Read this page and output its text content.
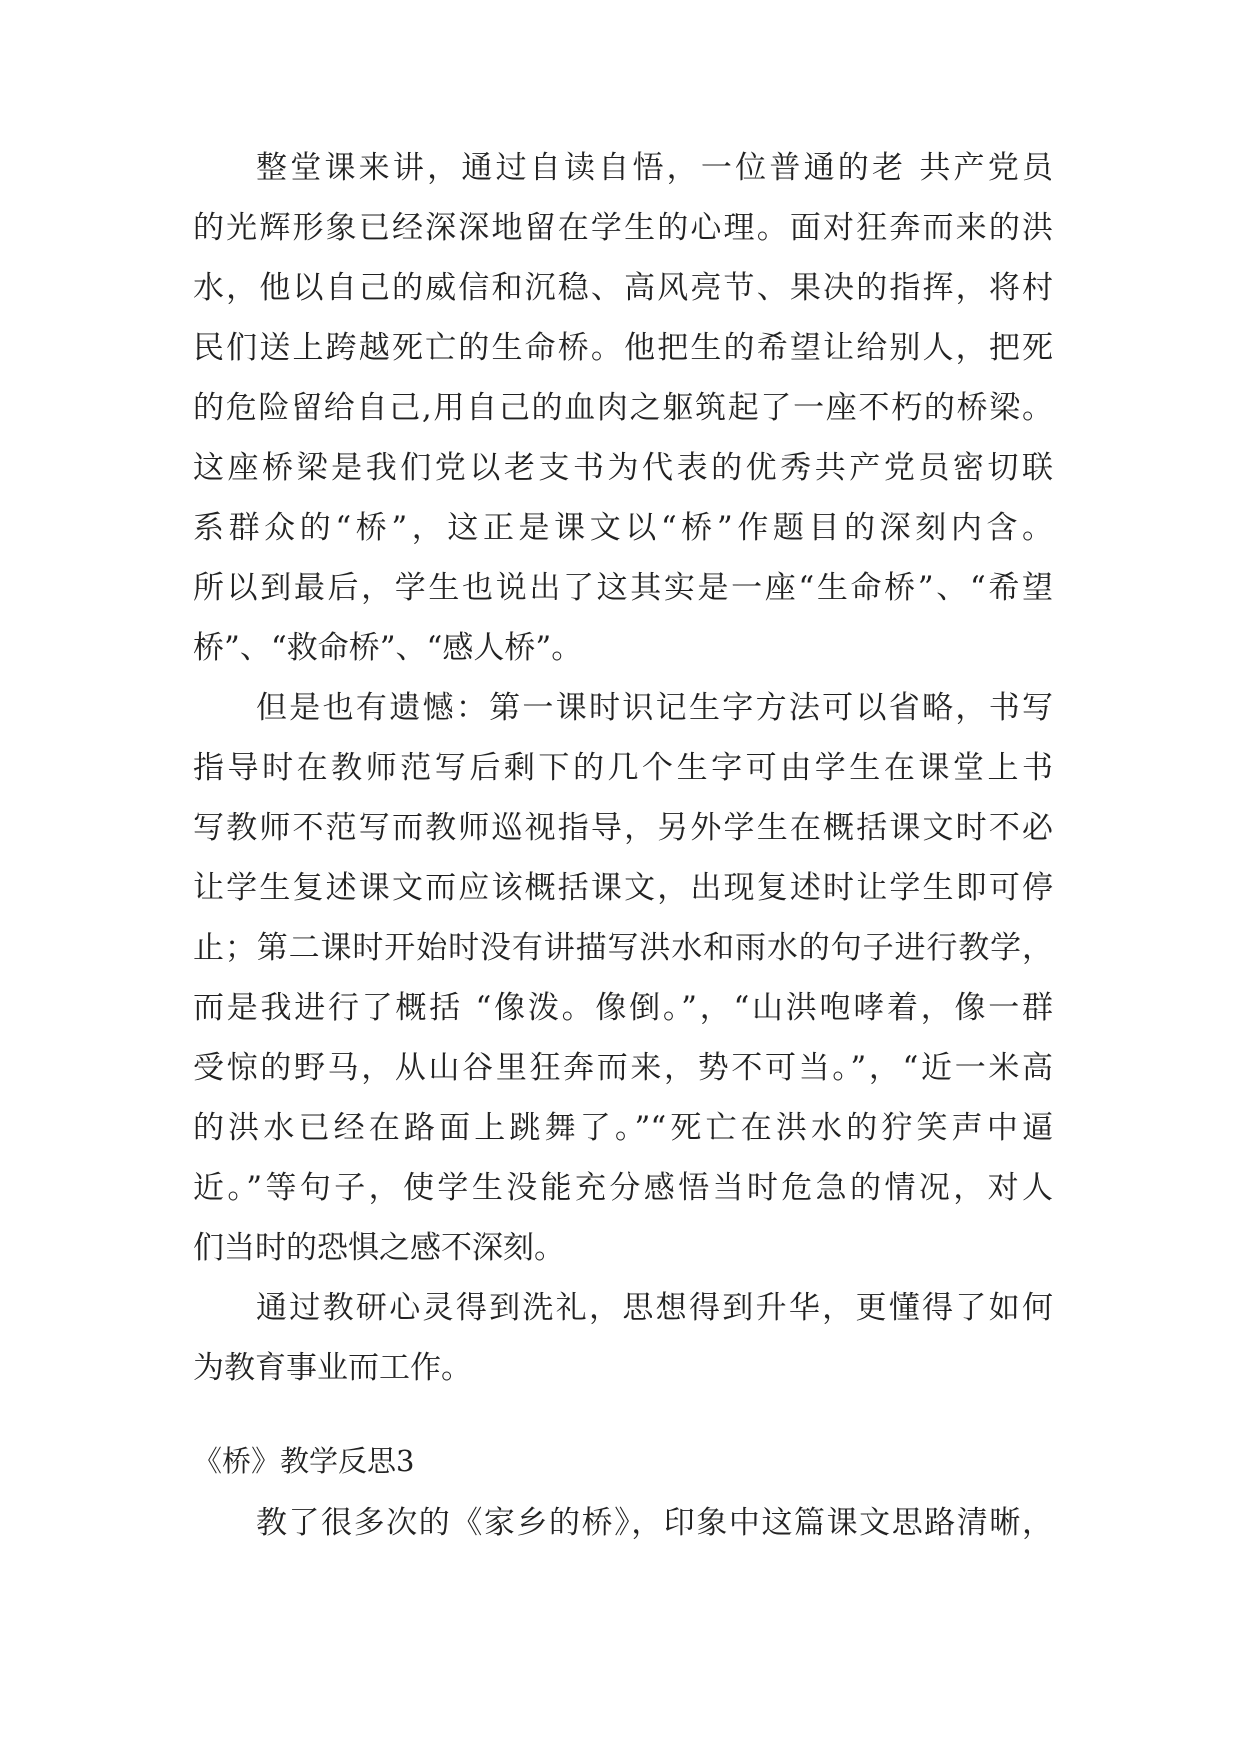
整堂课来讲，通过自读自悟，一位普通的老 共产党员
的光辉形象已经深深地留在学生的心理。面对狂奔而来的洪
水，他以自己的威信和沉稳、高风亮节、果决的指挥，将村
民们送上跨越死亡的生命桥。他把生的希望让给别人，把死
的危险留给自己,用自己的血肉之躯筑起了一座不朽的桥梁。
这座桥梁是我们党以老支书为代表的优秀共产党员密切联
系群众的“桥”，这正是课文以“桥”作题目的深刻内含。
所以到最后，学生也说出了这其实是一座“生命桥”、“希望
桥”、“救命桥”、“感人桥”。
但是也有遗憾：第一课时识记生字方法可以省略，书写
指导时在教师范写后剩下的几个生字可由学生在课堂上书
写教师不范写而教师巡视指导，另外学生在概括课文时不必
让学生复述课文而应该概括课文，出现复述时让学生即可停
止；第二课时开始时没有讲描写洪水和雨水的句子进行教学，
而是我进行了概括 “像泼。像倒。”，“山洪咆哮着，像一群
受惊的野马，从山谷里狂奔而来，势不可当。”，“近一米高
的洪水已经在路面上跳舞了。”“死亡在洪水的狞笑声中逼
近。”等句子，使学生没能充分感悟当时危急的情况，对人
们当时的恐惧之感不深刻。
通过教研心灵得到洗礼，思想得到升华，更懂得了如何
为教育事业而工作。
《桥》教学反思3
教了很多次的《家乡的桥》，印象中这篇课文思路清晰，
